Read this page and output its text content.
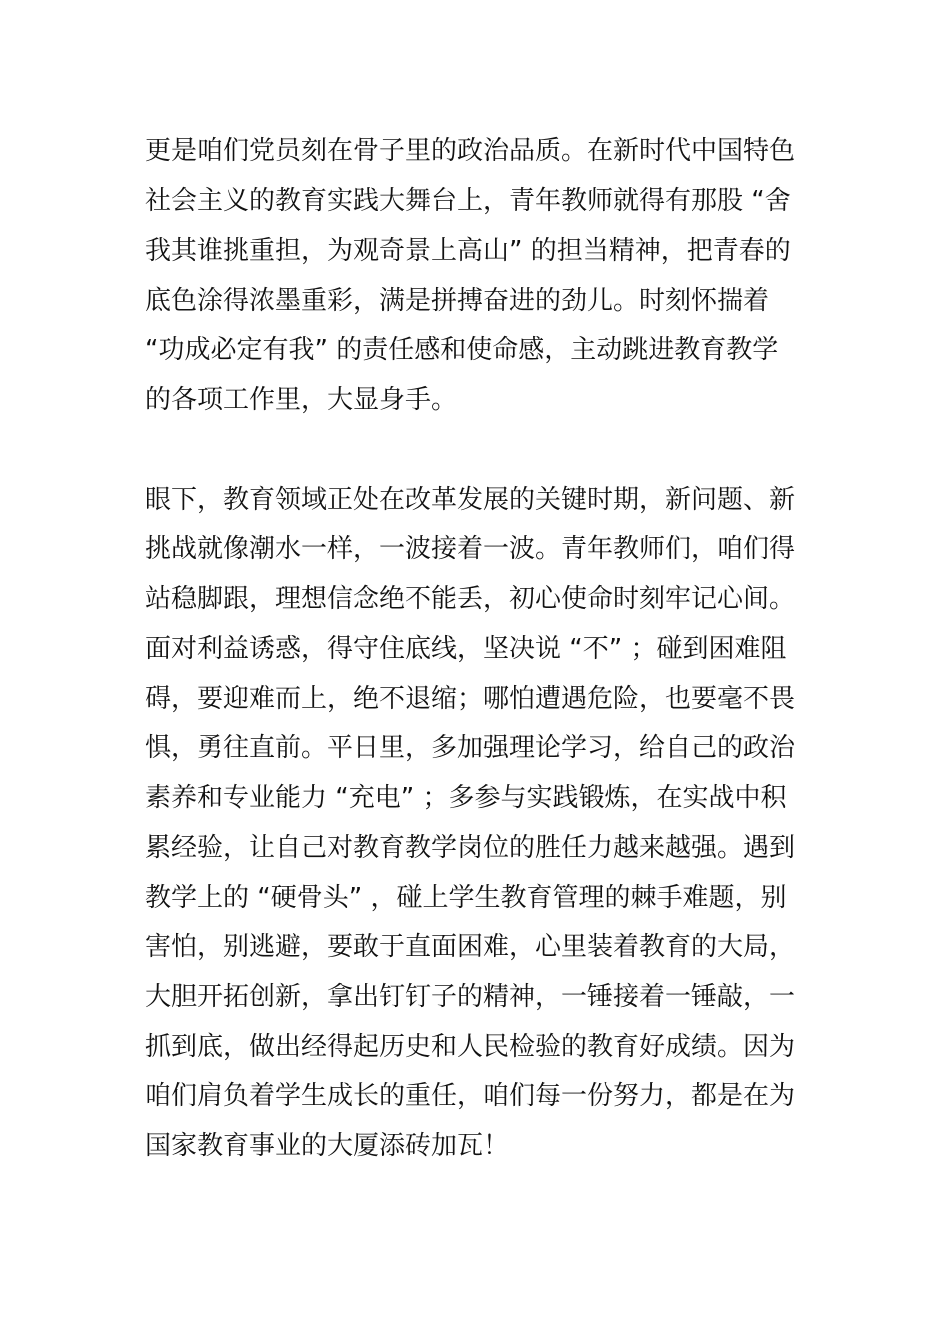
更是咱们党员刻在骨子里的政治品质。在新时代中国特色
社会主义的教育实践大舞台上，青年教师就得有那股 “舍
我其谁挑重担，为观奇景上高山” 的担当精神，把青春的
底色涂得浓墨重彩，满是拼搏奋进的劲儿。时刻怀揣着
“功成必定有我” 的责任感和使命感，主动跳进教育教学
的各项工作里，大显身手。
眼下，教育领域正处在改革发展的关键时期，新问题、新
挑战就像潮水一样，一波接着一波。青年教师们，咱们得
站稳脚跟，理想信念绝不能丢，初心使命时刻牢记心间。
面对利益诱惑，得守住底线，坚决说 “不” ；碰到困难阻
碍，要迎难而上，绝不退缩；哪怕遭遇危险，也要毫不畏
惧，勇往直前。平日里，多加强理论学习，给自己的政治
素养和专业能力 “充电” ；多参与实践锻炼，在实战中积
累经验，让自己对教育教学岗位的胜任力越来越强。遇到
教学上的 “硬骨头” ，碰上学生教育管理的棘手难题，别
害怕，别逃避，要敢于直面困难，心里装着教育的大局，
大胆开拓创新，拿出钉钉子的精神，一锤接着一锤敲，一
抓到底，做出经得起历史和人民检验的教育好成绩。因为
咱们肩负着学生成长的重任，咱们每一份努力，都是在为
国家教育事业的大厦添砖加瓦！
